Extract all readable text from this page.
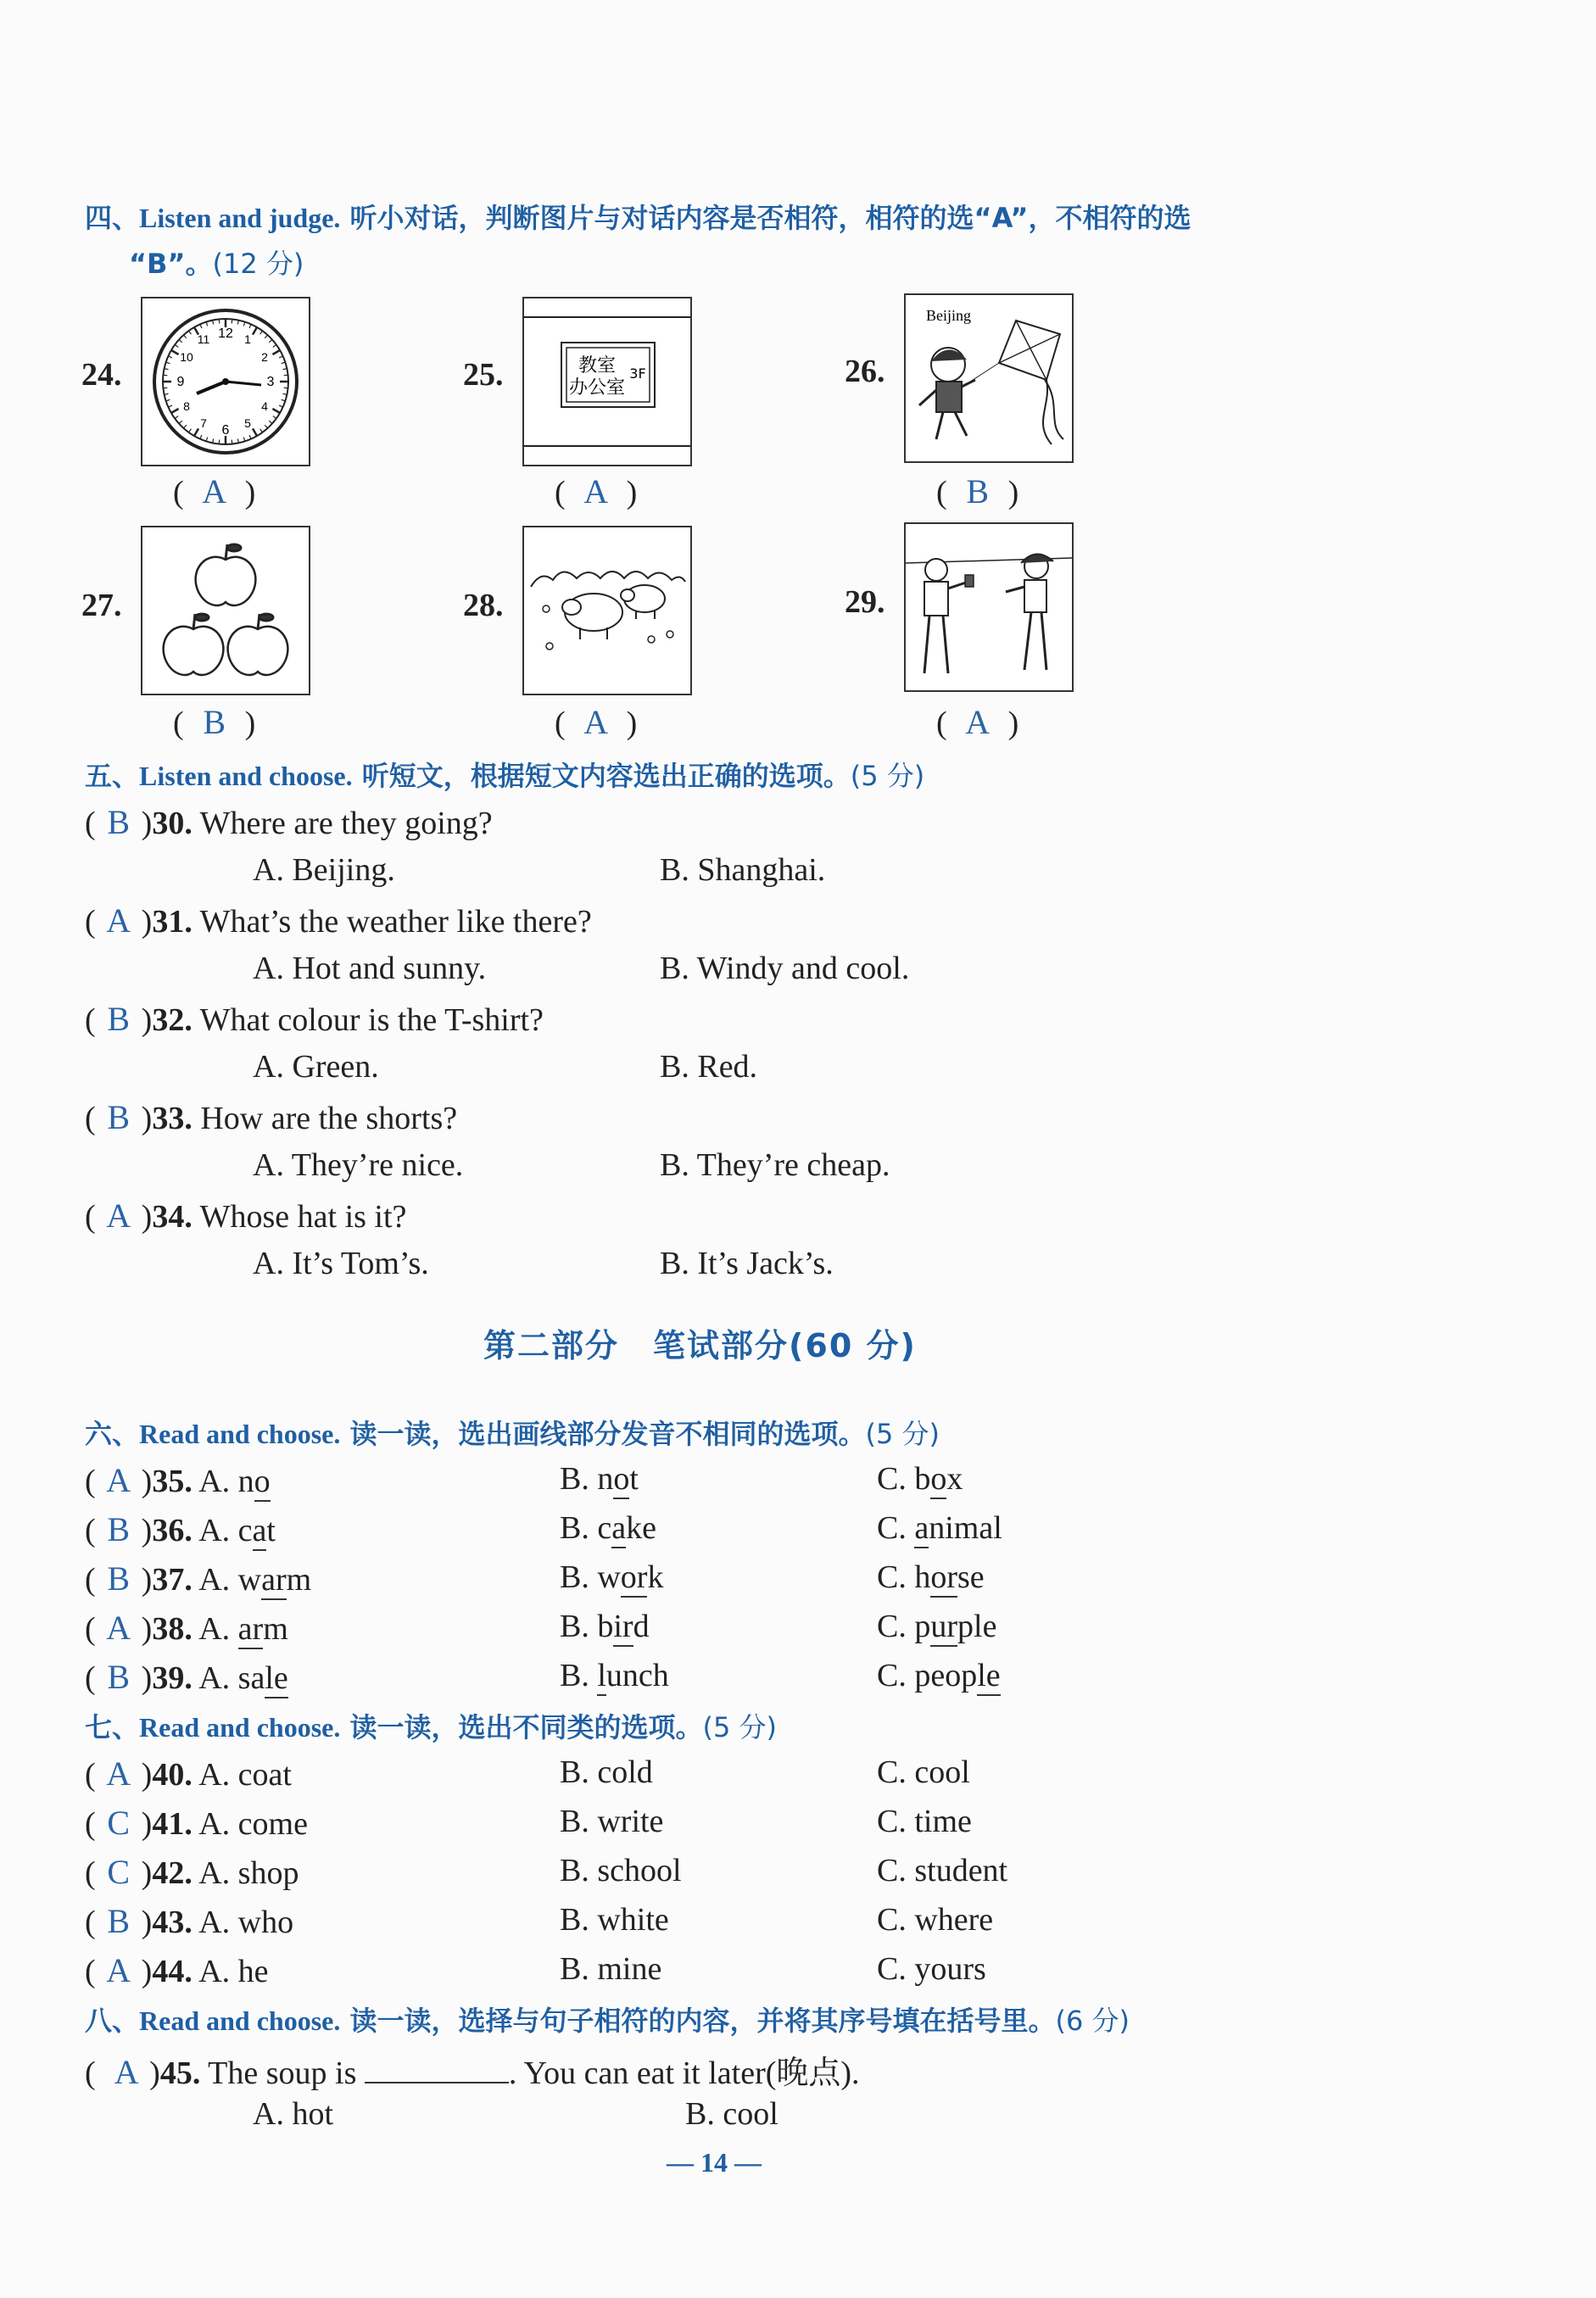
四、Listen and judge. 听小对话，判断图片与对话内容是否相符，相符的选“A”，不相符的选
“B”。(12 分)
24.
( A )
25.
( A )
26.
( B )
27.
( B )
28.
( A )
29.
( A )
12 1
2
3
4
5
6
7
8
9
10
11
教室
办公室
3F
Beijing
五、Listen and choose. 听短文，根据短文内容选出正确的选项。(5 分)
( B )30. Where are they going?
A. Beijing.	B. Shanghai.
( A )31. What’s the weather like there?
A. Hot and sunny.	B. Windy and cool.
( B )32. What colour is the T-shirt?
A. Green.	B. Red.
( B )33. How are the shorts?
A. They’re nice.	B. They’re cheap.
( A )34. Whose hat is it?
A. It’s Tom’s.	B. It’s Jack’s.
第二部分　笔试部分(60 分)
六、Read and choose. 读一读，选出画线部分发音不相同的选项。(5 分)
( A )35. A. no	B. not	C. box
( B )36. A. cat	B. cake	C. animal
( B )37. A. warm	B. work	C. horse
( A )38. A. arm	B. bird	C. purple
( B )39. A. sale	B. lunch	C. people
七、Read and choose. 读一读，选出不同类的选项。(5 分)
( A )40. A. coat	B. cold	C. cool
( C )41. A. come	B. write	C. time
( C )42. A. shop	B. school	C. student
( B )43. A. who	B. white	C. where
( A )44. A. he	B. mine	C. yours
八、Read and choose. 读一读，选择与句子相符的内容，并将其序号填在括号里。(6 分)
( A )45. The soup is	. You can eat it later(晚点).
A. hot	B. cool
— 14 —
